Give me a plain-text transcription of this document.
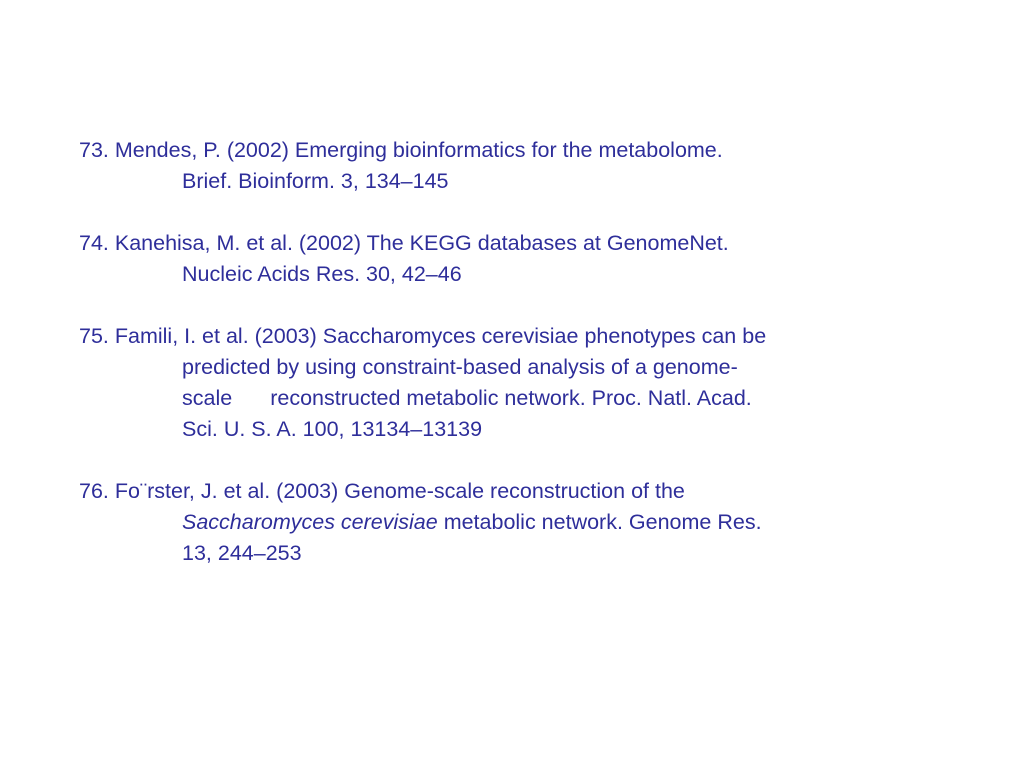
73. Mendes, P. (2002) Emerging bioinformatics for the metabolome.
Brief. Bioinform. 3, 134–145
74. Kanehisa, M. et al. (2002) The KEGG databases at GenomeNet.
Nucleic Acids Res. 30, 42–46
75. Famili, I. et al. (2003) Saccharomyces cerevisiae phenotypes can be
predicted by using constraint-based analysis of a genome-
scale reconstructed metabolic network. Proc. Natl. Acad.
Sci. U. S. A. 100, 13134–13139
76. Fo¨rster, J. et al. (2003) Genome-scale reconstruction of the
Saccharomyces cerevisiae metabolic network. Genome Res.
13, 244–253
